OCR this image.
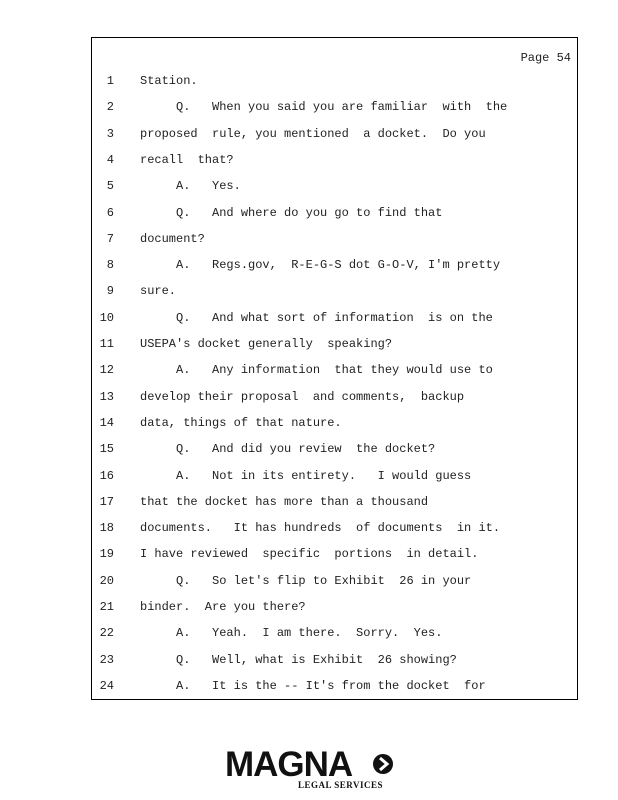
Page 54
1 Station.
2 Q.   When you said you are familiar  with  the
3 proposed  rule, you mentioned  a docket.  Do you
4 recall  that?
5 A.   Yes.
6 Q.   And where do you go to find that
7 document?
8 A.   Regs.gov,  R-E-G-S dot G-O-V, I'm pretty
9 sure.
10 Q.   And what sort of information  is on the
11 USEPA's docket generally  speaking?
12 A.   Any information  that they would use to
13 develop their proposal  and comments,  backup
14 data, things of that nature.
15 Q.   And did you review  the docket?
16 A.   Not in its entirety.   I would guess
17 that the docket has more than a thousand
18 documents.   It has hundreds  of documents  in it.
19 I have reviewed  specific  portions  in detail.
20 Q.   So let's flip to Exhibit  26 in your
21 binder.  Are you there?
22 A.   Yeah.  I am there.  Sorry.  Yes.
23 Q.   Well, what is Exhibit  26 showing?
24 A.   It is the -- It's from the docket  for
MAGNA
LEGAL SERVICES
